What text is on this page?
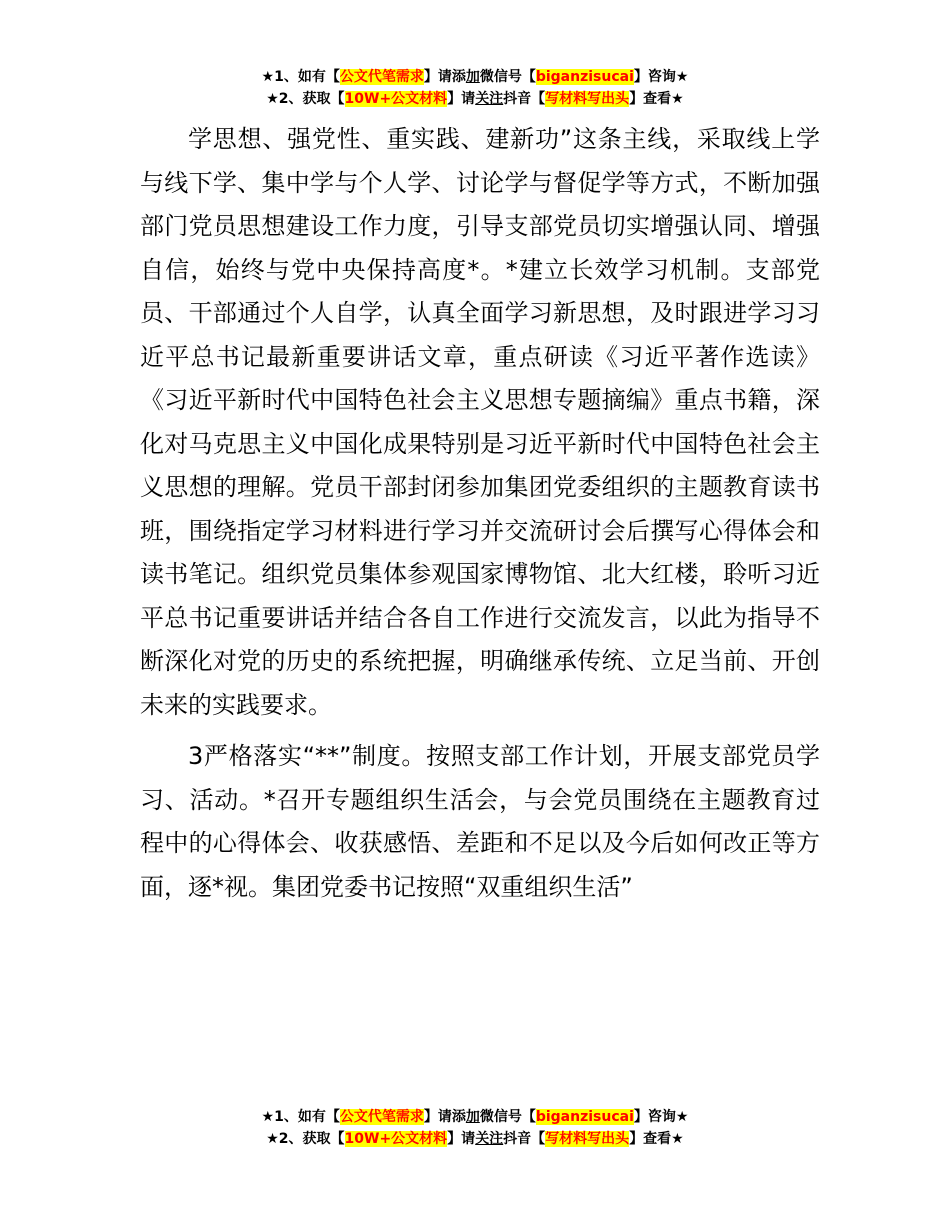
★1、如有【公文代笔需求】请添加微信号【biganzisucai】咨询★
★2、获取【10W+公文材料】请关注抖音【写材料写出头】查看★

学思想、强党性、重实践、建新功”这条主线，采取线上学与线下学、集中学与个人学、讨论学与督促学等方式，不断加强部门党员思想建设工作力度，引导支部党员切实增强认同、增强自信，始终与党中央保持高度*。*建立长效学习机制。支部党员、干部通过个人自学，认真全面学习新思想，及时跟进学习习近平总书记最新重要讲话文章，重点研读《习近平著作选读》《习近平新时代中国特色社会主义思想专题摘编》重点书籍，深化对马克思主义中国化成果特别是习近平新时代中国特色社会主义思想的理解。党员干部封闭参加集团党委组织的主题教育读书班，围绕指定学习材料进行学习并交流研讨会后撰写心得体会和读书笔记。组织党员集体参观国家博物馆、北大红楼，聆听习近平总书记重要讲话并结合各自工作进行交流发言，以此为指导不断深化对党的历史的系统把握，明确继承传统、立足当前、开创未来的实践要求。

3严格落实“**”制度。按照支部工作计划，开展支部党员学习、活动。*召开专题组织生活会，与会党员围绕在主题教育过程中的心得体会、收获感悟、差距和不足以及今后如何改正等方面，逐*视。集团党委书记按照“双重组织生活”

★1、如有【公文代笔需求】请添加微信号【biganzisucai】咨询★
★2、获取【10W+公文材料】请关注抖音【写材料写出头】查看★
